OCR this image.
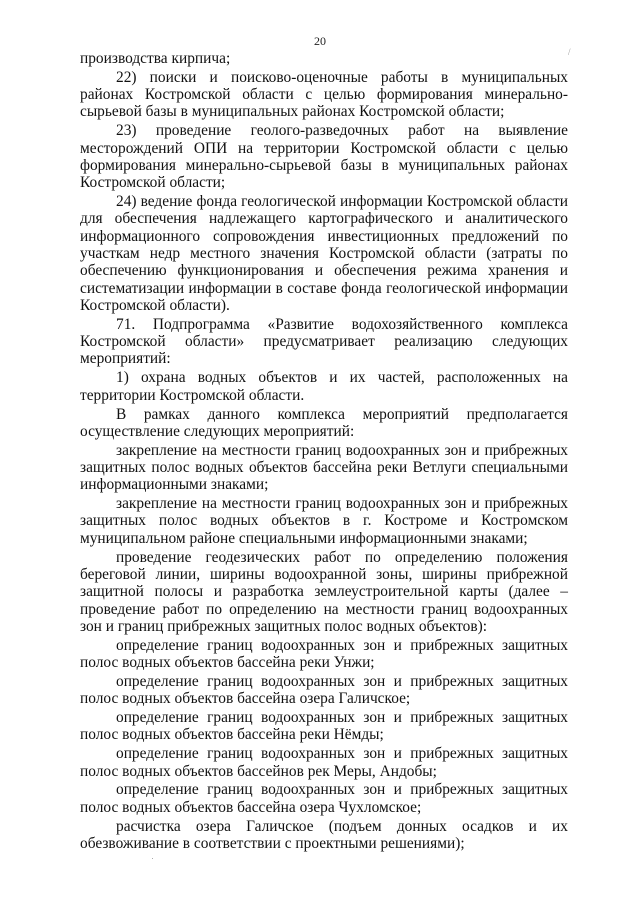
20
/

производства кирпича;

22) поиски и поисково-оценочные работы в муниципальных районах Костромской области с целью формирования минерально-сырьевой базы в муниципальных районах Костромской области;

23) проведение геолого-разведочных работ на выявление месторождений ОПИ на территории Костромской области с целью формирования минерально-сырьевой базы в муниципальных районах Костромской области;

24) ведение фонда геологической информации Костромской области для обеспечения надлежащего картографического и аналитического информационного сопровождения инвестиционных предложений по участкам недр местного значения Костромской области (затраты по обеспечению функционирования и обеспечения режима хранения и систематизации информации в составе фонда геологической информации Костромской области).

71. Подпрограмма «Развитие водохозяйственного комплекса Костромской области» предусматривает реализацию следующих мероприятий:

1) охрана водных объектов и их частей, расположенных на территории Костромской области.

В рамках данного комплекса мероприятий предполагается осуществление следующих мероприятий:

закрепление на местности границ водоохранных зон и прибрежных защитных полос водных объектов бассейна реки Ветлуги специальными информационными знаками;

закрепление на местности границ водоохранных зон и прибрежных защитных полос водных объектов в г. Костроме и Костромском муниципальном районе специальными информационными знаками;

проведение геодезических работ по определению положения береговой линии, ширины водоохранной зоны, ширины прибрежной защитной полосы и разработка землеустроительной карты (далее – проведение работ по определению на местности границ водоохранных зон и границ прибрежных защитных полос водных объектов):

определение границ водоохранных зон и прибрежных защитных полос водных объектов бассейна реки Унжи;

определение границ водоохранных зон и прибрежных защитных полос водных объектов бассейна озера Галичское;

определение границ водоохранных зон и прибрежных защитных полос водных объектов бассейна реки Нёмды;

определение границ водоохранных зон и прибрежных защитных полос водных объектов бассейнов рек Меры, Андобы;

определение границ водоохранных зон и прибрежных защитных полос водных объектов бассейна озера Чухломское;

расчистка озера Галичское (подъем донных осадков и их обезвоживание в соответствии с проектными решениями);
